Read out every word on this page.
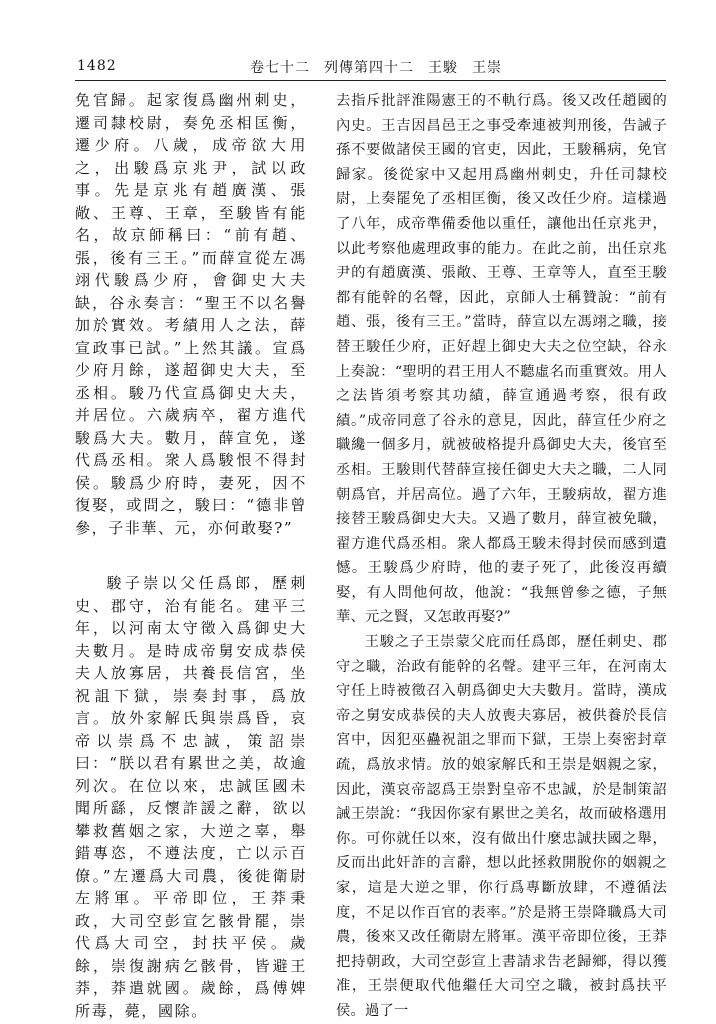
1482	卷七十二 列傳第四十二 王駿 王崇

免官歸。起家復爲幽州刺史，遷司隸校尉，奏免丞相匡衡，遷少府。八歲，成帝欲大用之，出駿爲京兆尹，試以政事。先是京兆有趙廣漢、張敞、王尊、王章，至駿皆有能名，故京師稱曰：“前有趙、張，後有三王。”而薛宣從左馮翊代駿爲少府，會御史大夫缺，谷永奏言：“聖王不以名譽加於實效。考績用人之法，薛宣政事已試。”上然其議。宣爲少府月餘，遂超御史大夫，至丞相。駿乃代宣爲御史大夫，并居位。六歲病卒，翟方進代駿爲大夫。數月，薛宣免，遂代爲丞相。衆人爲駿恨不得封侯。駿爲少府時，妻死，因不復娶，或問之，駿曰：“德非曾參，子非華、元，亦何敢娶?”

駿子崇以父任爲郎，歷刺史、郡守，治有能名。建平三年，以河南太守徵入爲御史大夫數月。是時成帝舅安成恭侯夫人放寡居，共養長信宮，坐祝詛下獄，崇奏封事，爲放言。放外家解氏與崇爲昏，哀帝以崇爲不忠誠，策詔崇曰：“朕以君有累世之美，故逾列次。在位以來，忠誠匡國未聞所繇，反懷詐諼之辭，欲以攀救舊姻之家，大逆之辜，舉錯專恣，不遵法度，亡以示百僚。”左遷爲大司農，後徙衛尉左將軍。平帝即位，王莽秉政，大司空彭宣乞骸骨罷，崇代爲大司空，封扶平侯。歲餘，崇復謝病乞骸骨，皆避王莽，莽遣就國。歲餘，爲傅婢所毒，薨，國除。

去指斥批評淮陽憲王的不軌行爲。後又改任趙國的內史。王吉因昌邑王之事受牽連被判刑後，告誡子孫不要做諸侯王國的官吏，因此，王駿稱病，免官歸家。後從家中又起用爲幽州刺史，升任司隸校尉，上奏罷免了丞相匡衡，後又改任少府。這樣過了八年，成帝準備委他以重任，讓他出任京兆尹，以此考察他處理政事的能力。在此之前，出任京兆尹的有趙廣漢、張敞、王尊、王章等人，直至王駿都有能幹的名聲，因此，京師人士稱贊說：“前有趙、張，後有三王。”當時，薛宣以左馮翊之職，接替王駿任少府，正好趕上御史大夫之位空缺，谷永上奏說：“聖明的君王用人不聽虛名而重實效。用人之法皆須考察其功績，薛宣通過考察，很有政績。”成帝同意了谷永的意見，因此，薛宣任少府之職纔一個多月，就被破格提升爲御史大夫，後官至丞相。王駿則代替薛宣接任御史大夫之職，二人同朝爲官，并居高位。過了六年，王駿病故，翟方進接替王駿爲御史大夫。又過了數月，薛宣被免職，翟方進代爲丞相。衆人都爲王駿未得封侯而感到遺憾。王駿爲少府時，他的妻子死了，此後沒再續娶，有人問他何故，他說：“我無曾參之德，子無華、元之賢，又怎敢再娶?”

王駿之子王崇蒙父庇而任爲郎，歷任刺史、郡守之職，治政有能幹的名聲。建平三年，在河南太守任上時被徵召入朝爲御史大夫數月。當時，漢成帝之舅安成恭侯的夫人放喪夫寡居，被供養於長信宮中，因犯巫蠱祝詛之罪而下獄，王崇上奏密封章疏，爲放求情。放的娘家解氏和王崇是姻親之家，因此，漢哀帝認爲王崇對皇帝不忠誠，於是制策詔誡王崇說：“我因你家有累世之美名，故而破格選用你。可你就任以來，沒有做出什麼忠誠扶國之舉，反而出此奸詐的言辭，想以此拯救開脫你的姻親之家，這是大逆之罪，你行爲專斷放肆，不遵循法度，不足以作百官的表率。”於是將王崇降職爲大司農，後來又改任衛尉左將軍。漢平帝即位後，王莽把持朝政，大司空彭宣上書請求告老歸鄉，得以獲准，王崇便取代他繼任大司空之職，被封爲扶平侯。過了一
